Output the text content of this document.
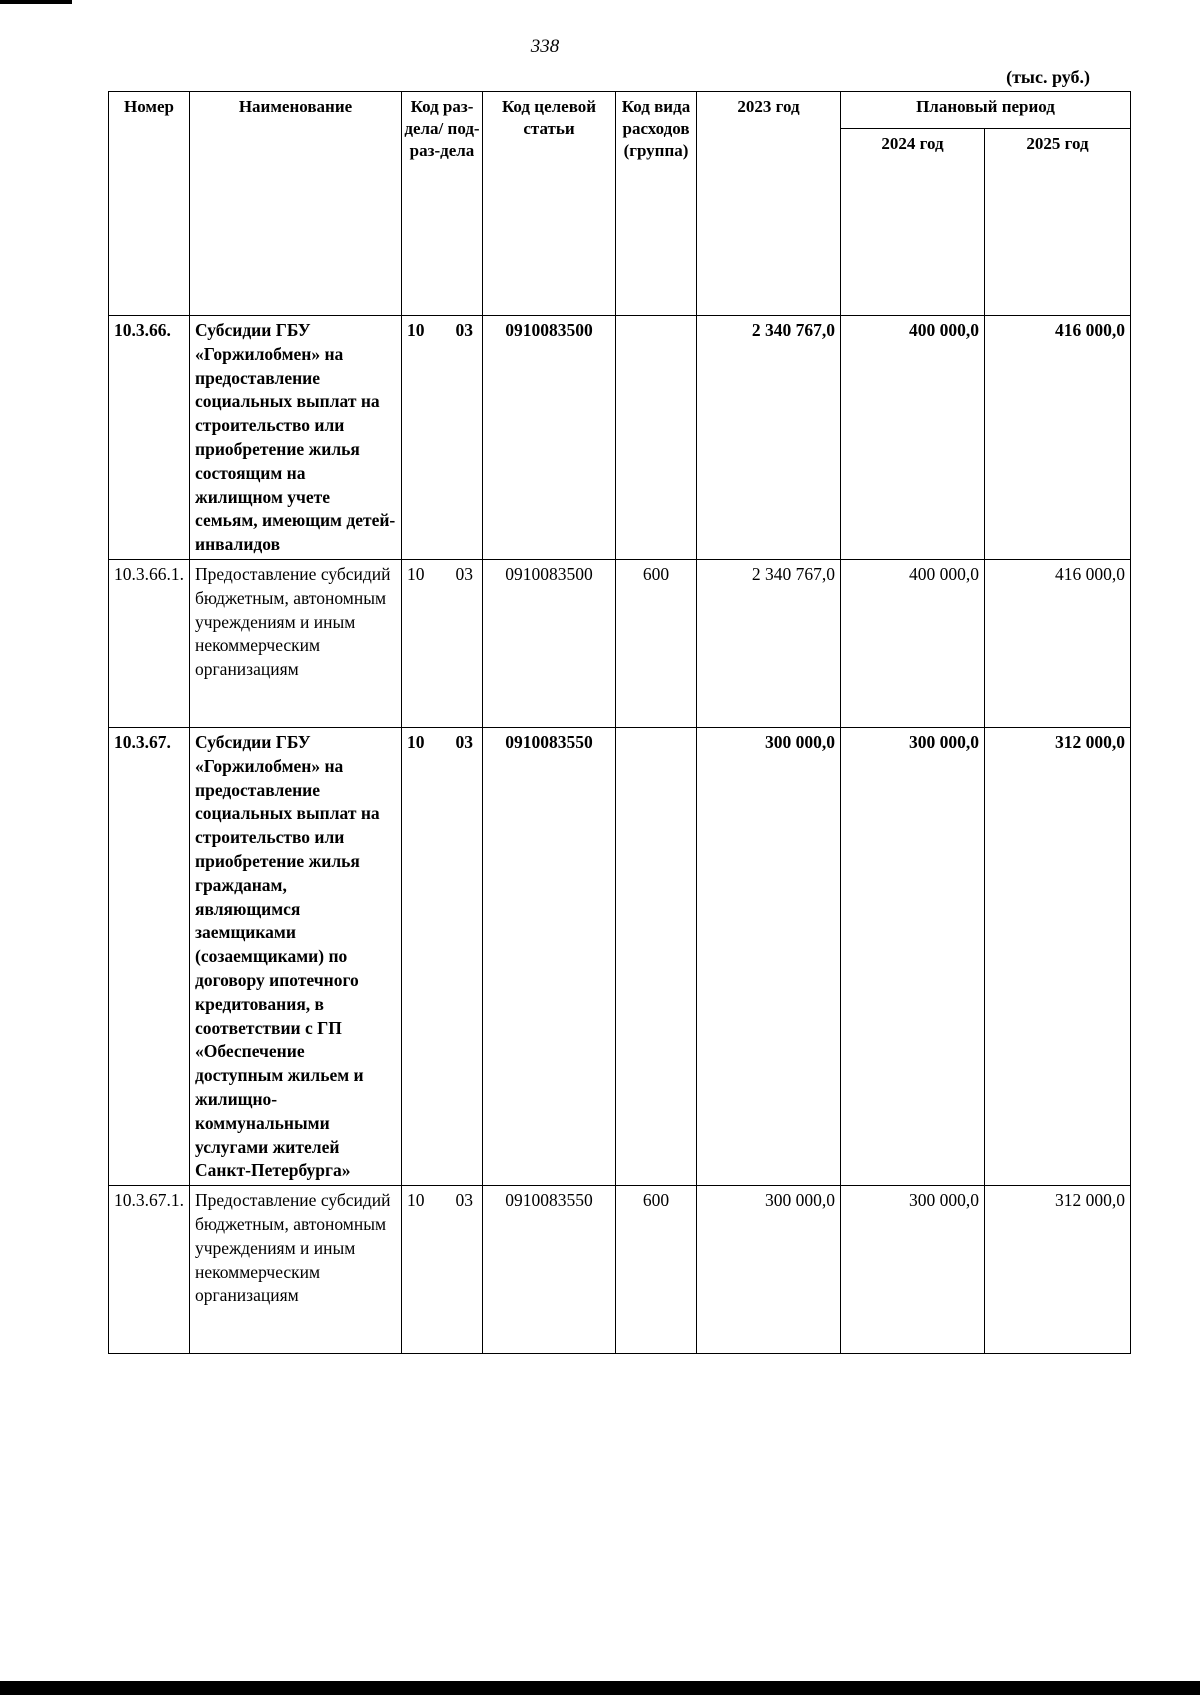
338
(тыс. руб.)
Номер	Наименование	Код раз-дела/ под-раз-дела	Код целевой статьи	Код вида расходов (группа)	2023 год	Плановый период	
						2024 год	2025 год
10.3.66.	Субсидии ГБУ «Горжилобмен» на предоставление социальных выплат на строительство или приобретение жилья состоящим на жилищном учете семьям, имеющим детей-инвалидов	10 03	0910083500		2 340 767,0	400 000,0	416 000,0
10.3.66.1.	Предоставление субсидий бюджетным, автономным учреждениям и иным некоммерческим организациям	10 03	0910083500	600	2 340 767,0	400 000,0	416 000,0
10.3.67.	Субсидии ГБУ «Горжилобмен» на предоставление социальных выплат на строительство или приобретение жилья гражданам, являющимся заемщиками (созаемщиками) по договору ипотечного кредитования, в соответствии с ГП «Обеспечение доступным жильем и жилищно-коммунальными услугами жителей Санкт-Петербурга»	10 03	0910083550		300 000,0	300 000,0	312 000,0
10.3.67.1.	Предоставление субсидий бюджетным, автономным учреждениям и иным некоммерческим организациям	10 03	0910083550	600	300 000,0	300 000,0	312 000,0
